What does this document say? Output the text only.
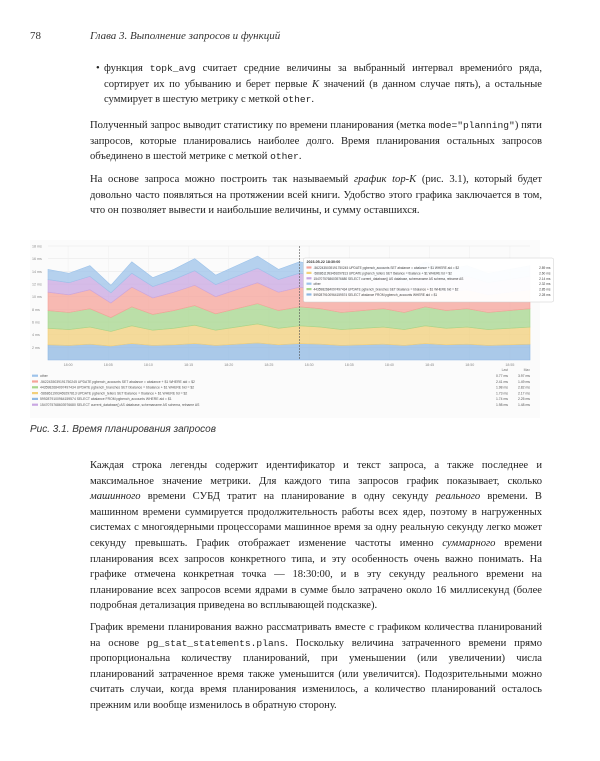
78	Глава 3. Выполнение запросов и функций
• функция topk_avg считает средние величины за выбранный интервал времениóго ряда, сортирует их по убыванию и берет первые K значений (в данном случае пять), а остальные суммирует в шестую метрику с меткой other.
Полученный запрос выводит статистику по времени планирования (метка mode="planning") пяти запросов, которые планировались наиболее долго. Время планирования остальных запросов объединено в шестой метрике с меткой other.
На основе запроса можно построить так называемый график top-K (рис. 3.1), который будет довольно часто появляться на протяжении всей книги. Удобство этого графика заключается в том, что он позволяет вывести и наибольшие величины, и сумму оставшихся.
2 ms
4 ms
6 ms
8 ms
10 ms
12 ms
14 ms
16 ms
18 ms
18:00	18:05	18:10	18:15	18:20	18:25	18:30	18:35	18:40	18:45	18:50	18:55
2023-05-22 18:30:00
-5622435039191750245 UPDATE pgbench_accounts SET abalance = abalance + $1 WHERE aid = $2	2.89 ms
-5868611993469297813 UPDATE pgbench_tellers SET tbalance = tbalance + $1 WHERE tid = $2	2.60 ms
1547075768603976680 SELECT current_database() AS database, schemaname AS schema, relname AS	2.14 ms
other	2.32 ms
4435982684097497434 UPDATE pgbench_branches SET bbalance = bbalance + $1 WHERE bid = $2	2.85 ms
5992879100964159574 SELECT abalance FROM pgbench_accounts WHERE aid = $1	2.28 ms
Last	Max
other	0.77 ms	3.97 ms
-5622435039191750245 UPDATE pgbench_accounts SET abalance = abalance + $1 WHERE aid = $2	2.41 ms	1.49 ms
4435982684097497434 UPDATE pgbench_branches SET bbalance = bbalance + $1 WHERE bid = $2	1.98 ms	2.82 ms
-5868611993469297813 UPDATE pgbench_tellers SET tbalance = tbalance + $1 WHERE tid = $2	1.73 ms	2.17 ms
5992879100964159574 SELECT abalance FROM pgbench_accounts WHERE aid = $1	1.74 ms	2.25 ms
1547075768603976680 SELECT current_database() AS database, schemaname AS schema, relname AS	1.98 ms	1.48 ms
Рис. 3.1. Время планирования запросов
Каждая строка легенды содержит идентификатор и текст запроса, а также последнее и максимальное значение метрики. Для каждого типа запросов график показывает, сколько машинного времени СУБД тратит на планирование в одну секунду реального времени. В машинном времени суммируется продолжительность работы всех ядер, поэтому в нагруженных системах с многоядерными процессорами машинное время за одну реальную секунду легко может секунду превышать. График отображает изменение частоты именно суммарного времени планирования всех запросов конкретного типа, и эту особенность очень важно понимать. На графике отмечена конкретная точка — 18:30:00, и в эту секунду реального времени на планирование всех запросов всеми ядрами в сумме было затрачено около 16 миллисекунд (более подробная детализация приведена во всплывающей подсказке).
График времени планирования важно рассматривать вместе с графиком количества планирований на основе pg_stat_statements.plans. Поскольку величина затраченного времени прямо пропорциональна количеству планирований, при уменьшении (или увеличении) числа планирований затраченное время также уменьшится (или увеличится). Подозрительными можно считать случаи, когда время планирования изменилось, а количество планирований осталось прежним или вообще изменилось в обратную сторону.
